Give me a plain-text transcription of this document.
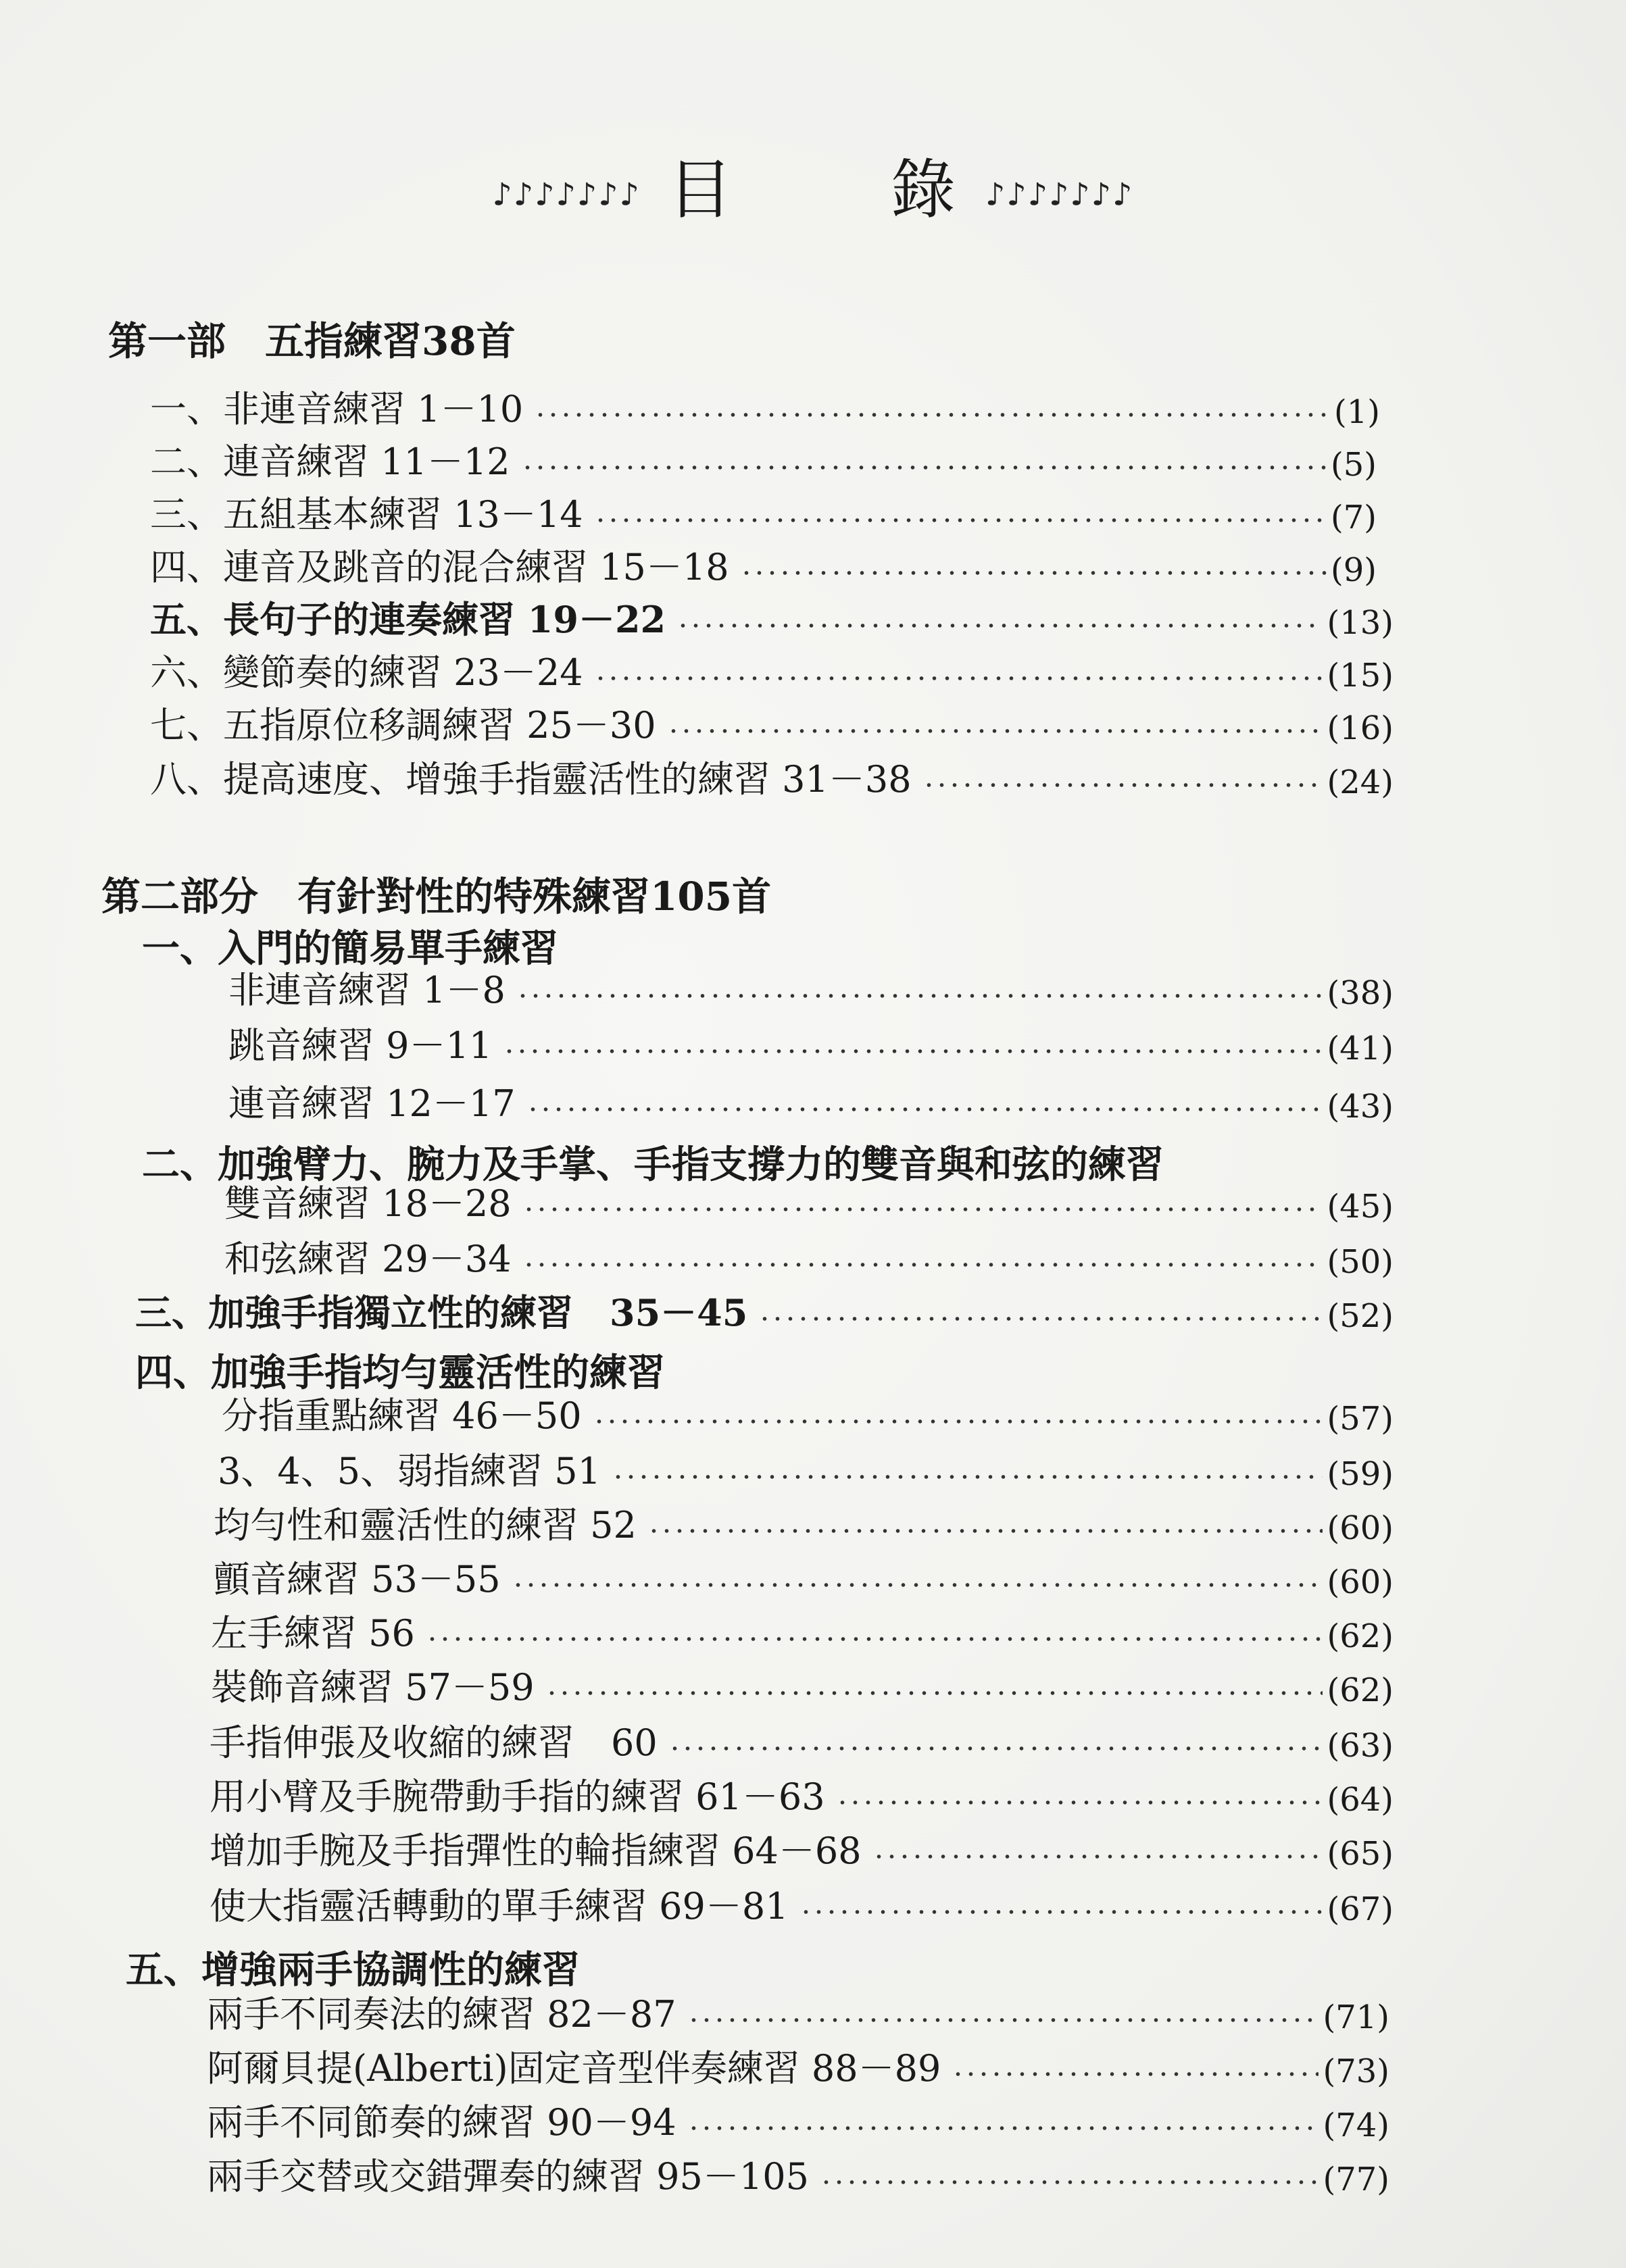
♪♪♪♪♪♪♪ 目 錄 ♪♪♪♪♪♪♪
第一部　五指練習38首
一、非連音練習 1－10	(1)
二、連音練習 11－12	(5)
三、五組基本練習 13－14	(7)
四、連音及跳音的混合練習 15－18	(9)
五、長句子的連奏練習 19－22	(13)
六、變節奏的練習 23－24	(15)
七、五指原位移調練習 25－30	(16)
八、提高速度、增強手指靈活性的練習 31－38	(24)
第二部分　有針對性的特殊練習105首
一、入門的簡易單手練習
非連音練習 1－8	(38)
跳音練習 9－11	(41)
連音練習 12－17	(43)
二、加強臂力、腕力及手掌、手指支撐力的雙音與和弦的練習
雙音練習 18－28	(45)
和弦練習 29－34	(50)
三、加強手指獨立性的練習　35－45	(52)
四、加強手指均勻靈活性的練習
分指重點練習 46－50	(57)
3、4、5、弱指練習 51	(59)
均勻性和靈活性的練習 52	(60)
顫音練習 53－55	(60)
左手練習 56	(62)
裝飾音練習 57－59	(62)
手指伸張及收縮的練習　60	(63)
用小臂及手腕帶動手指的練習 61－63	(64)
增加手腕及手指彈性的輪指練習 64－68	(65)
使大指靈活轉動的單手練習 69－81	(67)
五、增強兩手協調性的練習
兩手不同奏法的練習 82－87	(71)
阿爾貝提(Alberti)固定音型伴奏練習 88－89	(73)
兩手不同節奏的練習 90－94	(74)
兩手交替或交錯彈奏的練習 95－105	(77)
